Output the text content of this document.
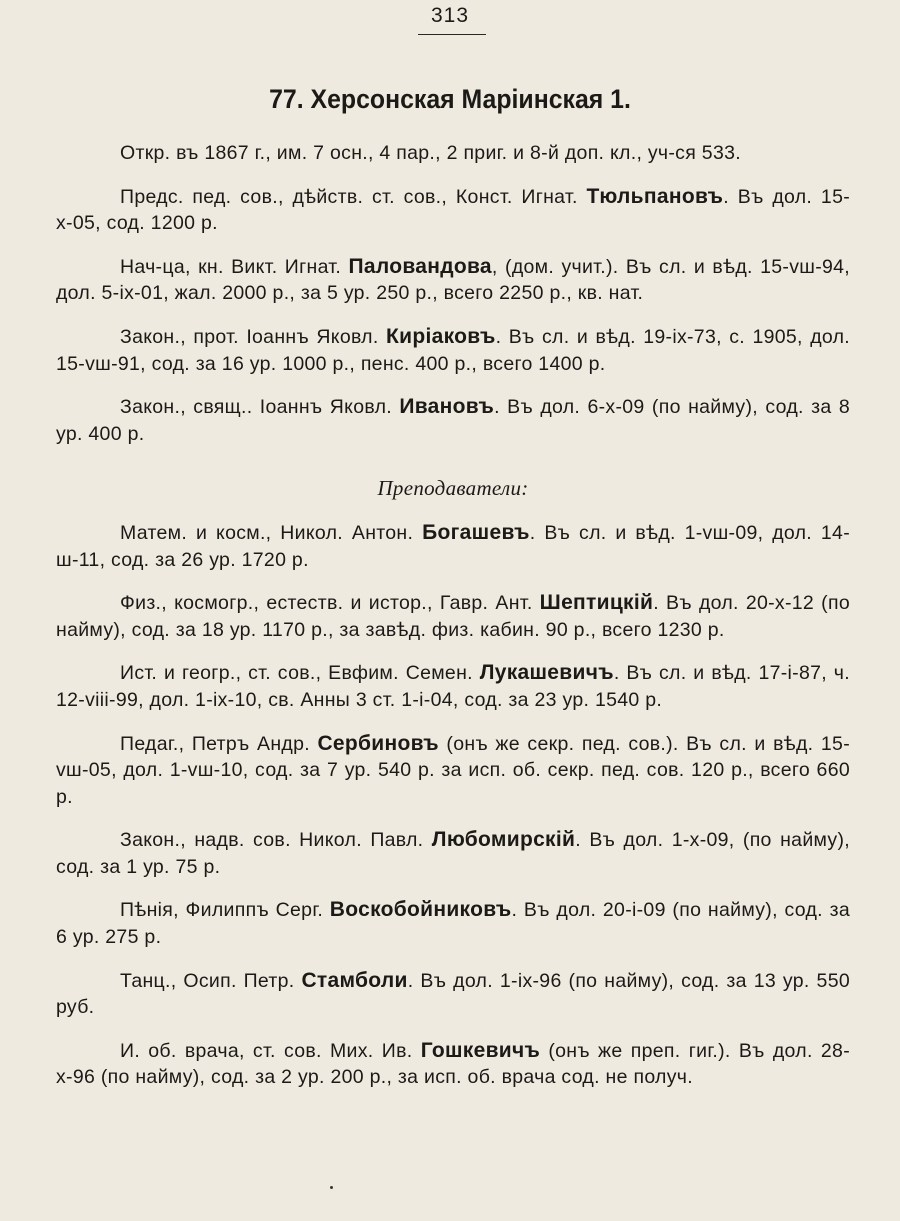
313
77. Херсонская Маріинская 1.

Откр. въ 1867 г., им. 7 осн., 4 пар., 2 приг. и 8-й доп. кл., уч-ся 533.

Предс. пед. сов., дѣйств. ст. сов., Конст. Игнат. Тюльпановъ. Въ дол. 15-х-05, сод. 1200 р.

Нач-ца, кн. Викт. Игнат. Паловандова, (дом. учит.). Въ сл. и вѣд. 15-vш-94, дол. 5-іх-01, жал. 2000 р., за 5 ур. 250 р., всего 2250 р., кв. нат.

Закон., прот. Іоаннъ Яковл. Киріаковъ. Въ сл. и вѣд. 19-іх-73, с. 1905, дол. 15-vш-91, сод. за 16 ур. 1000 р., пенс. 400 р., всего 1400 р.

Закон., свящ.. Іоаннъ Яковл. Ивановъ. Въ дол. 6-х-09 (по найму), сод. за 8 ур. 400 р.

Преподаватели:

Матем. и косм., Никол. Антон. Богашевъ. Въ сл. и вѣд. 1-vш-09, дол. 14-ш-11, сод. за 26 ур. 1720 р.

Физ., космогр., естеств. и истор., Гавр. Ант. Шептицкій. Въ дол. 20-х-12 (по найму), сод. за 18 ур. 1170 р., за завѣд. физ. кабин. 90 р., всего 1230 р.

Ист. и геогр., ст. сов., Евфим. Семен. Лукашевичъ. Въ сл. и вѣд. 17-і-87, ч. 12-vііі-99, дол. 1-іх-10, св. Анны 3 ст. 1-і-04, сод. за 23 ур. 1540 р.

Педаг., Петръ Андр. Сербиновъ (онъ же секр. пед. сов.). Въ сл. и вѣд. 15-vш-05, дол. 1-vш-10, сод. за 7 ур. 540 р. за исп. об. секр. пед. сов. 120 р., всего 660 р.

Закон., надв. сов. Никол. Павл. Любомирскій. Въ дол. 1-х-09, (по найму), сод. за 1 ур. 75 р.

Пѣнія, Филиппъ Серг. Воскобойниковъ. Въ дол. 20-і-09 (по найму), сод. за 6 ур. 275 р.

Танц., Осип. Петр. Стамболи. Въ дол. 1-іх-96 (по найму), сод. за 13 ур. 550 руб.

И. об. врача, ст. сов. Мих. Ив. Гошкевичъ (онъ же преп. гиг.). Въ дол. 28-х-96 (по найму), сод. за 2 ур. 200 р., за исп. об. врача сод. не получ.
